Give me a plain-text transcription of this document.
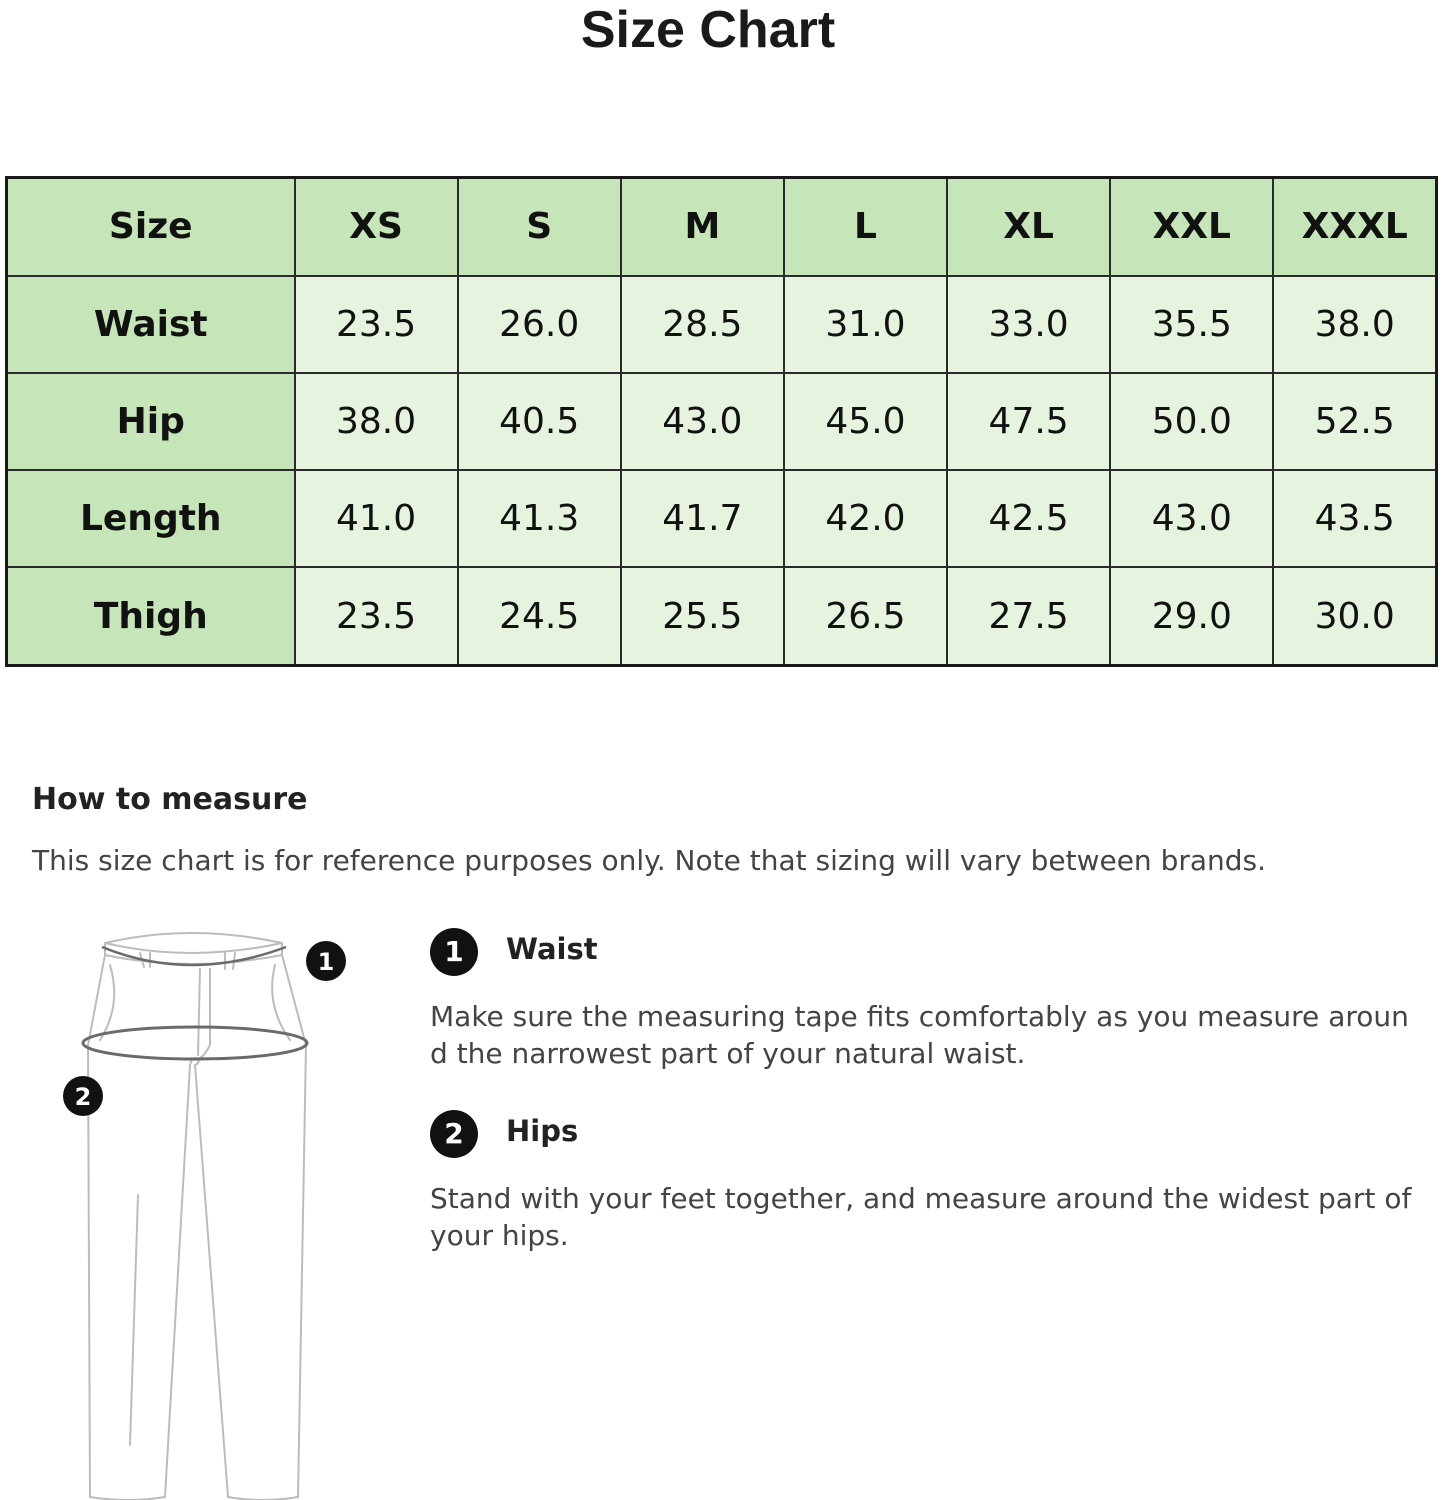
Size Chart
Size	XS	S	M	L	XL	XXL	XXXL
Waist	23.5	26.0	28.5	31.0	33.0	35.5	38.0
Hip	38.0	40.5	43.0	45.0	47.5	50.0	52.5
Length	41.0	41.3	41.7	42.0	42.5	43.0	43.5
Thigh	23.5	24.5	25.5	26.5	27.5	29.0	30.0
How to measure
This size chart is for reference purposes only. Note that sizing will vary between brands.
1
2
1	Waist
Make sure the measuring tape fits comfortably as you measure around the narrowest part of your natural waist.
2	Hips
Stand with your feet together, and measure around the widest part of your hips.
